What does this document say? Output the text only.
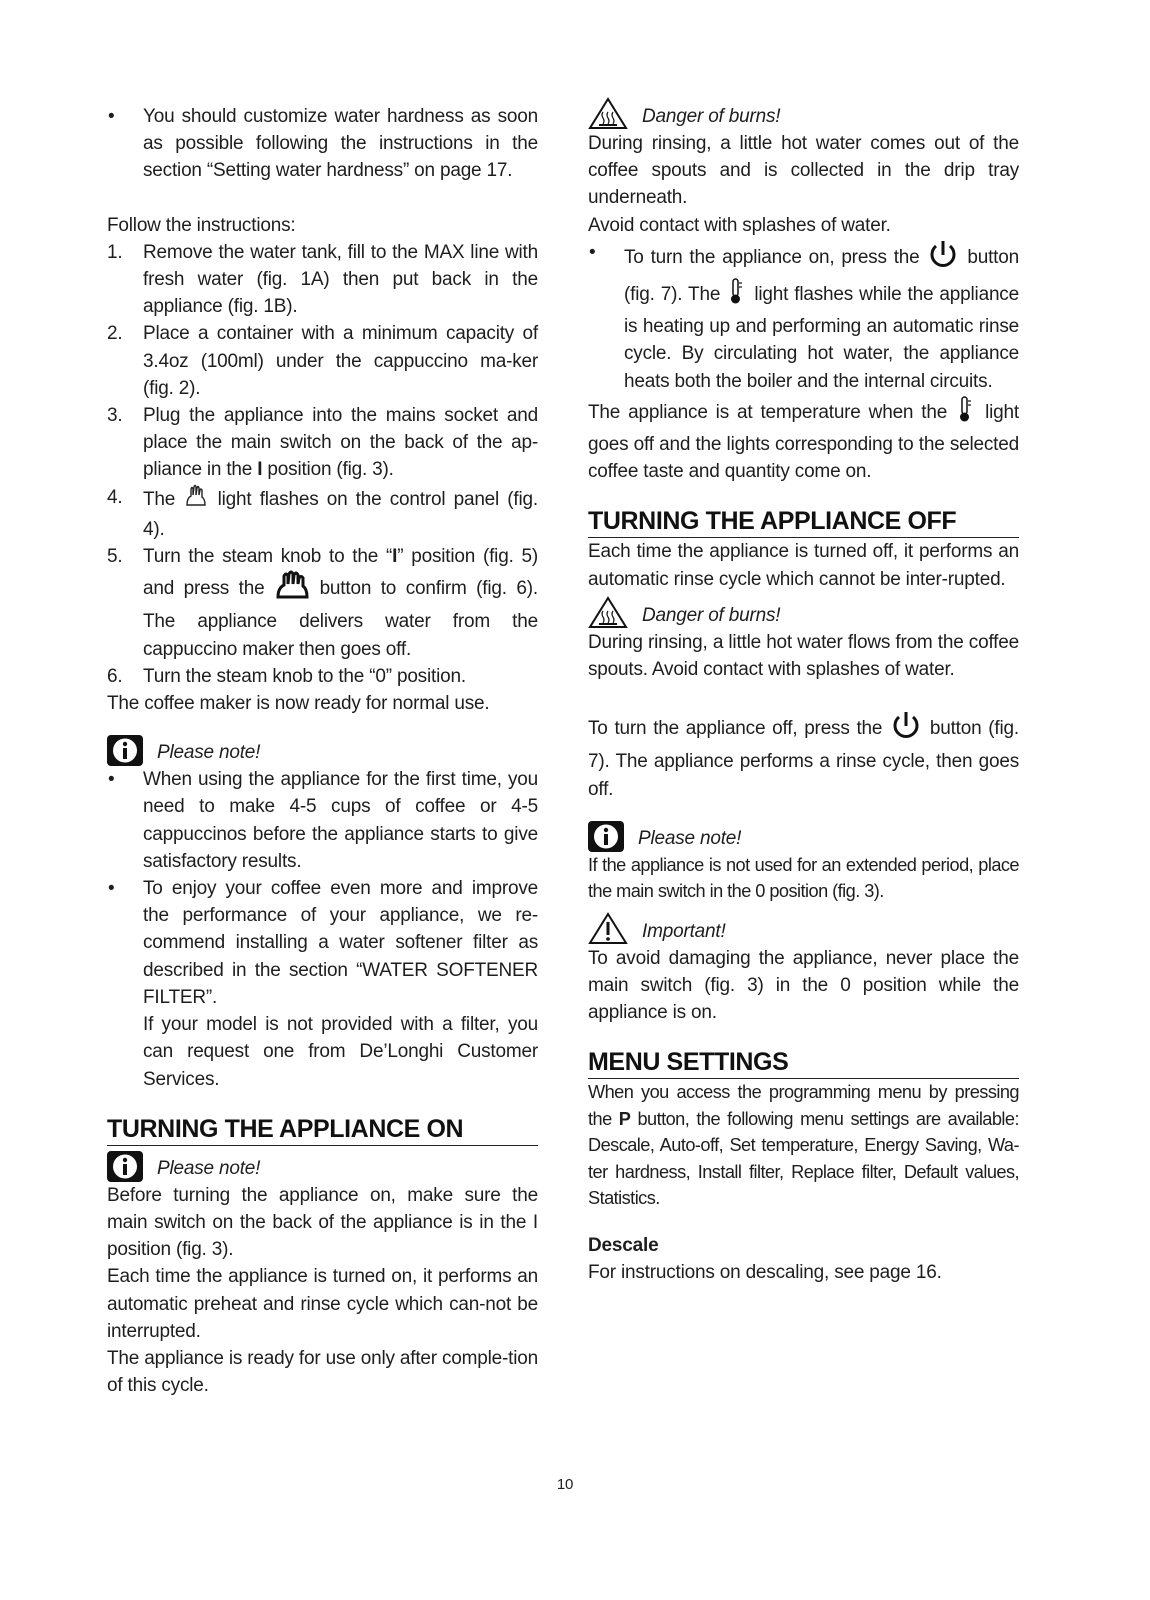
• You should customize water hardness as soon as possible following the instructions in the section “Setting water hardness” on page 17.

Follow the instructions:

1. Remove the water tank, fill to the MAX line with fresh water (fig. 1A) then put back in the appliance (fig. 1B).
2. Place a container with a minimum capacity of 3.4oz (100ml) under the cappuccino ma-ker (fig. 2).
3. Plug the appliance into the mains socket and place the main switch on the back of the ap-pliance in the I position (fig. 3).
4. The light flashes on the control panel (fig. 4).
5. Turn the steam knob to the “I” position (fig. 5) and press the	button to confirm (fig. 6). The appliance delivers water from the cappuccino maker then goes off.
6. Turn the steam knob to the “0” position.

The coffee maker is now ready for normal use.

Please note!
• When using the appliance for the first time, you need to make 4-5 cups of coffee or 4-5 cappuccinos before the appliance starts to give satisfactory results.
• To enjoy your coffee even more and improve the performance of your appliance, we re-commend installing a water softener filter as described in the section “WATER SOFTENER FILTER”.
If your model is not provided with a filter, you can request one from De’Longhi Customer Services.
TURNING THE APPLIANCE ON
Please note!

Before turning the appliance on, make sure the main switch on the back of the appliance is in the I position (fig. 3).

Each time the appliance is turned on, it performs an automatic preheat and rinse cycle which can-not be interrupted.

The appliance is ready for use only after comple-tion of this cycle.

Danger of burns!

During rinsing, a little hot water comes out of the coffee spouts and is collected in the drip tray underneath.

Avoid contact with splashes of water.

• To turn the appliance on, press the	button (fig. 7). The light flashes while the appliance is heating up and performing an automatic rinse cycle. By circulating hot water, the appliance heats both the boiler and the internal circuits.

The appliance is at temperature when the light goes off and the lights corresponding to the selected coffee taste and quantity come on.

TURNING THE APPLIANCE OFF

Each time the appliance is turned off, it performs an automatic rinse cycle which cannot be inter-rupted.

Danger of burns!

During rinsing, a little hot water flows from the coffee spouts. Avoid contact with splashes of water.

To turn the appliance off, press the	button (fig. 7). The appliance performs a rinse cycle, then goes off.

Please note!

If the appliance is not used for an extended period, place the main switch in the 0 position (fig. 3).

Important!

To avoid damaging the appliance, never place the main switch (fig. 3) in the 0 position while the appliance is on.

MENU SETTINGS

When you access the programming menu by pressing the P button, the following menu settings are available: Descale, Auto-off, Set temperature, Energy Saving, Wa-ter hardness, Install filter, Replace filter, Default values, Statistics.

Descale

For instructions on descaling, see page 16.

10
